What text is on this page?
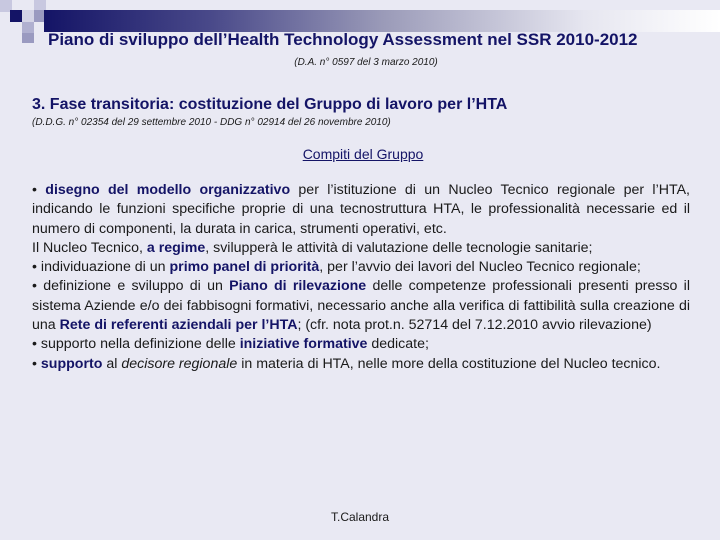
Piano di sviluppo dell’Health Technology Assessment nel SSR 2010-2012
(D.A. n° 0597 del 3 marzo 2010)
3. Fase transitoria: costituzione del Gruppo di lavoro per l’HTA
(D.D.G. n° 02354 del 29 settembre 2010 - DDG n° 02914 del 26 novembre 2010)
Compiti del Gruppo

• disegno del modello organizzativo per l’istituzione di un Nucleo Tecnico regionale per l’HTA, indicando le funzioni specifiche proprie di una tecnostruttura HTA, le professionalità necessarie ed il numero di componenti, la durata in carica, strumenti operativi, etc.

Il Nucleo Tecnico, a regime, svilupperà le attività di valutazione delle tecnologie sanitarie;

• individuazione di un primo panel di priorità, per l’avvio dei lavori del Nucleo Tecnico regionale;

• definizione e sviluppo di un Piano di rilevazione delle competenze professionali presenti presso il sistema Aziende e/o dei fabbisogni formativi, necessario anche alla verifica di fattibilità sulla creazione di una Rete di referenti aziendali per l’HTA; (cfr. nota prot.n. 52714 del 7.12.2010 avvio rilevazione)

• supporto nella definizione delle iniziative formative dedicate;

• supporto al decisore regionale in materia di HTA, nelle more della costituzione del Nucleo tecnico.

T.Calandra
